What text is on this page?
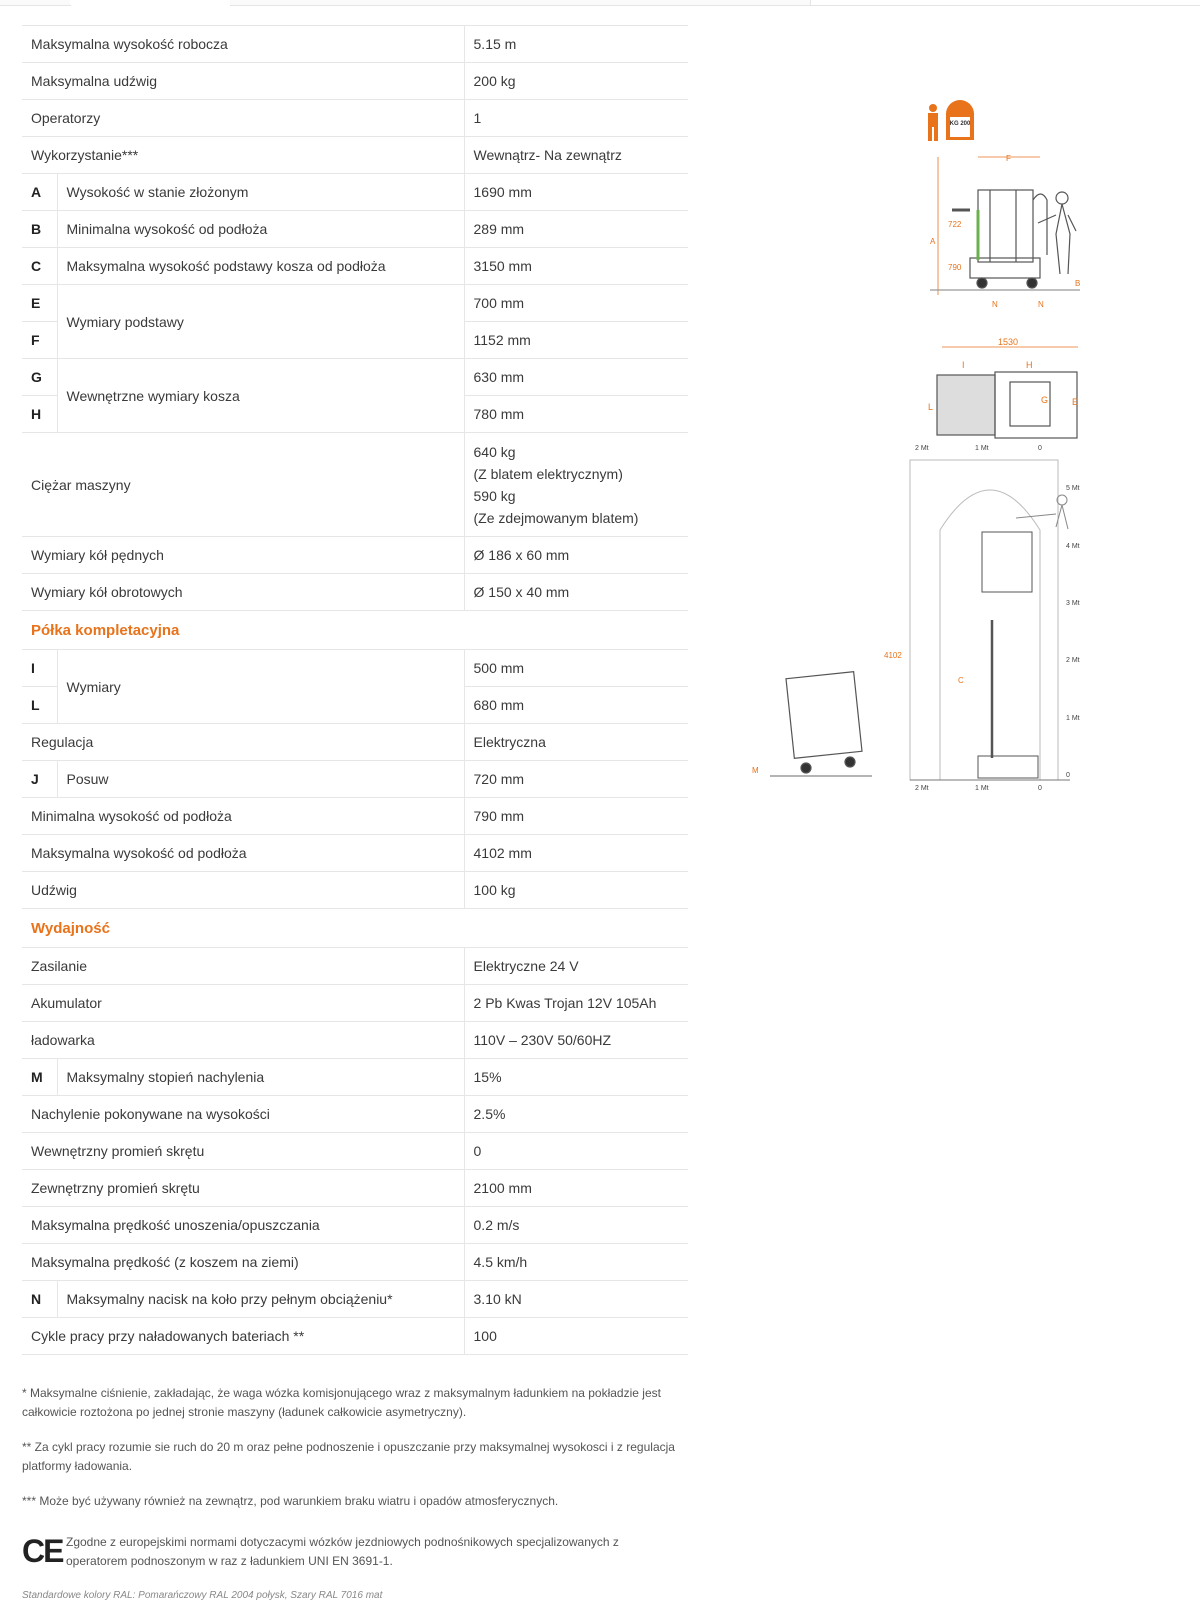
Maksymalna wysokość robocza		5.15 m
Maksymalna udźwig		200 kg
Operatorzy		1
Wykorzystanie***		Wewnątrz- Na zewnątrz
A	Wysokość w stanie złożonym	1690 mm
B	Minimalna wysokość od podłoża	289 mm
C	Maksymalna wysokość podstawy kosza od podłoża	3150 mm
E	Wymiary podstawy	700 mm
F		1152 mm
G	Wewnętrzne wymiary kosza	630 mm
H		780 mm
Ciężar maszyny		640 kg
(Z blatem elektrycznym)
590 kg
(Ze zdejmowanym blatem)

Wymiary kół pędnych		Ø 186 x 60 mm
Wymiary kół obrotowych		Ø 150 x 40 mm
Półka kompletacyjna		
I	Wymiary	500 mm
L		680 mm
Regulacja		Elektryczna
J	Posuw	720 mm
Minimalna wysokość od podłoża		790 mm
Maksymalna wysokość od podłoża		4102 mm
Udźwig		100 kg
Wydajność		
Zasilanie		Elektryczne 24 V
Akumulator		2 Pb Kwas Trojan 12V 105Ah
ładowarka		110V – 230V 50/60HZ
M	Maksymalny stopień nachylenia	15%
Nachylenie pokonywane na wysokości		2.5%
Wewnętrzny promień skrętu		0
Zewnętrzny promień skrętu		2100 mm
Maksymalna prędkość unoszenia/opuszczania		0.2 m/s
Maksymalna prędkość (z koszem na ziemi)		4.5 km/h
N	Maksymalny nacisk na koło przy pełnym obciążeniu*	3.10 kN
Cykle pracy przy naładowanych bateriach **		100

* Maksymalne ciśnienie, zakładając, że waga wózka komisjonującego wraz z maksymalnym ładunkiem na pokładzie jest całkowicie roztożona po jednej stronie maszyny (ładunek całkowicie asymetryczny).

** Za cykl pracy rozumie sie ruch do 20 m oraz pełne podnoszenie i opuszczanie przy maksymalnej wysokosci i z regulacja platformy ładowania.

*** Może być używany również na zewnątrz, pod warunkiem braku wiatru i opadów atmosferycznych.

CE Zgodne z europejskimi normami dotyczacymi wózków jezdniowych podnośnikowych specjalizowanych z operatorem podnoszonym w raz z ładunkiem UNI EN 3691-1.
Standardowe kolory RAL: Pomarańczowy RAL 2004 połysk, Szary RAL 7016 mat
KG 200
F
A
722
790
B
N	N
1530
I	H
L
G	E
2 Mt	1 Mt	0
5 Mt
4 Mt
3 Mt
2 Mt
1 Mt
0
2 Mt	1 Mt	0
4102
C
M
